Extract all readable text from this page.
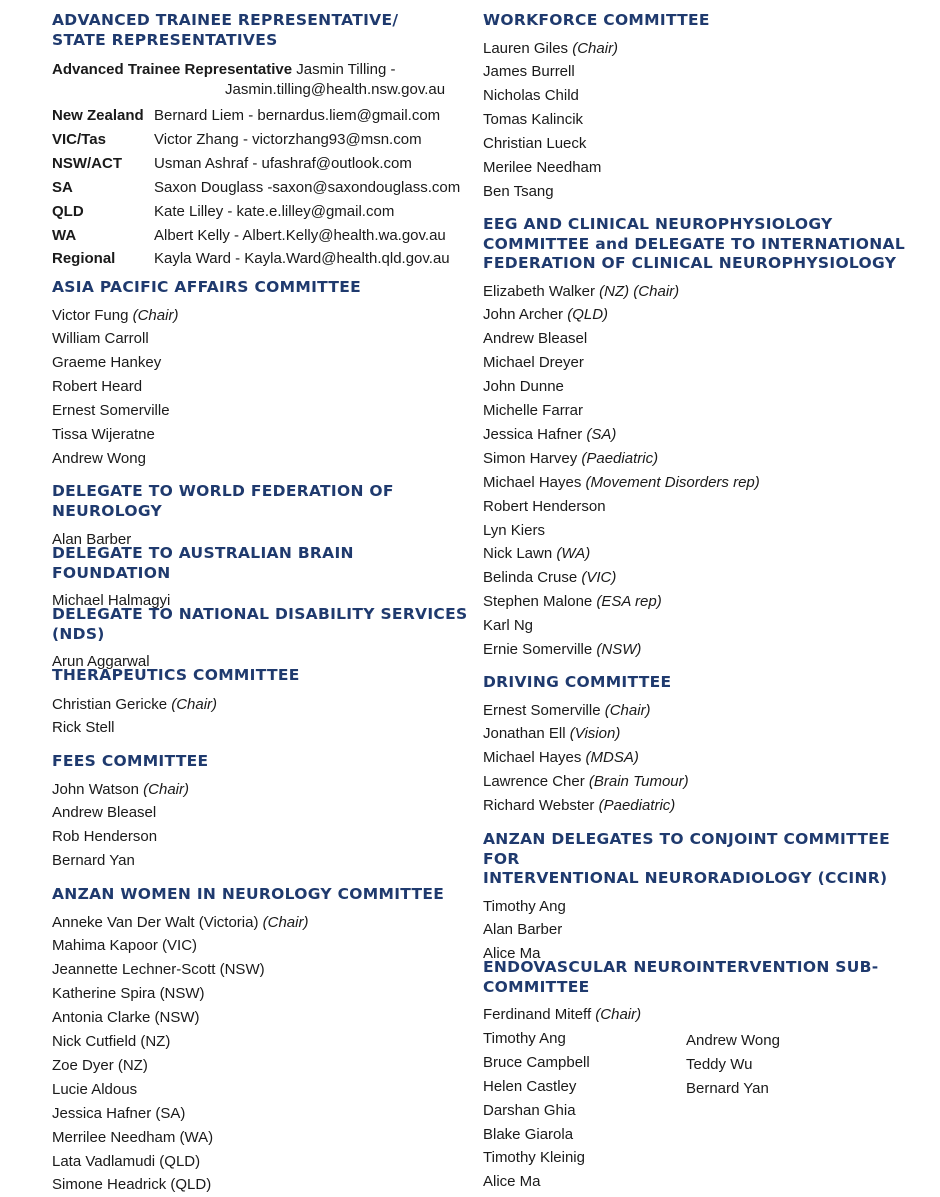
ADVANCED TRAINEE REPRESENTATIVE/
STATE REPRESENTATIVES
Advanced Trainee Representative Jasmin Tilling -
Jasmin.tilling@health.nsw.gov.au
New Zealand Bernard Liem - bernardus.liem@gmail.com
VIC/Tas	Victor Zhang - victorzhang93@msn.com
NSW/ACT	Usman Ashraf - ufashraf@outlook.com
SA	Saxon Douglass -saxon@saxondouglass.com
QLD	Kate Lilley - kate.e.lilley@gmail.com
WA	Albert Kelly - Albert.Kelly@health.wa.gov.au
Regional	Kayla Ward - Kayla.Ward@health.qld.gov.au
ASIA PACIFIC AFFAIRS COMMITTEE
Victor Fung (Chair)
William Carroll
Graeme Hankey
Robert Heard
Ernest Somerville
Tissa Wijeratne
Andrew Wong
DELEGATE TO WORLD FEDERATION OF NEUROLOGY
Alan Barber
DELEGATE TO AUSTRALIAN BRAIN FOUNDATION
Michael Halmagyi
DELEGATE TO NATIONAL DISABILITY SERVICES (NDS)
Arun Aggarwal
THERAPEUTICS COMMITTEE
Christian Gericke (Chair)
Rick Stell
FEES COMMITTEE
John Watson (Chair)
Andrew Bleasel
Rob Henderson
Bernard Yan
ANZAN WOMEN IN NEUROLOGY COMMITTEE
Anneke Van Der Walt (Victoria) (Chair)
Mahima Kapoor (VIC)
Jeannette Lechner-Scott (NSW)
Katherine Spira (NSW)
Antonia Clarke (NSW)
Nick Cutfield (NZ)
Zoe Dyer (NZ)
Lucie Aldous
Jessica Hafner (SA)
Merrilee Needham (WA)
Lata Vadlamudi (QLD)
Simone Headrick (QLD)
WORKFORCE COMMITTEE
Lauren Giles (Chair)
James Burrell
Nicholas Child
Tomas Kalincik
Christian Lueck
Merilee Needham
Ben Tsang
EEG AND CLINICAL NEUROPHYSIOLOGY
COMMITTEE and DELEGATE TO INTERNATIONAL
FEDERATION OF CLINICAL NEUROPHYSIOLOGY
Elizabeth Walker (NZ) (Chair)
John Archer (QLD)
Andrew Bleasel
Michael Dreyer
John Dunne
Michelle Farrar
Jessica Hafner (SA)
Simon Harvey (Paediatric)
Michael Hayes (Movement Disorders rep)
Robert Henderson
Lyn Kiers
Nick Lawn (WA)
Belinda Cruse (VIC)
Stephen Malone (ESA rep)
Karl Ng
Ernie Somerville (NSW)
DRIVING COMMITTEE
Ernest Somerville (Chair)
Jonathan Ell (Vision)
Michael Hayes (MDSA)
Lawrence Cher (Brain Tumour)
Richard Webster (Paediatric)
ANZAN DELEGATES TO CONJOINT COMMITTEE FOR
INTERVENTIONAL NEURORADIOLOGY (CCINR)
Timothy Ang
Alan Barber
Alice Ma
ENDOVASCULAR NEUROINTERVENTION SUB-
COMMITTEE
Ferdinand Miteff (Chair)
Timothy Ang
Bruce Campbell
Helen Castley
Darshan Ghia
Blake Giarola
Timothy Kleinig
Alice Ma
Andrew Wong
Teddy Wu
Bernard Yan
